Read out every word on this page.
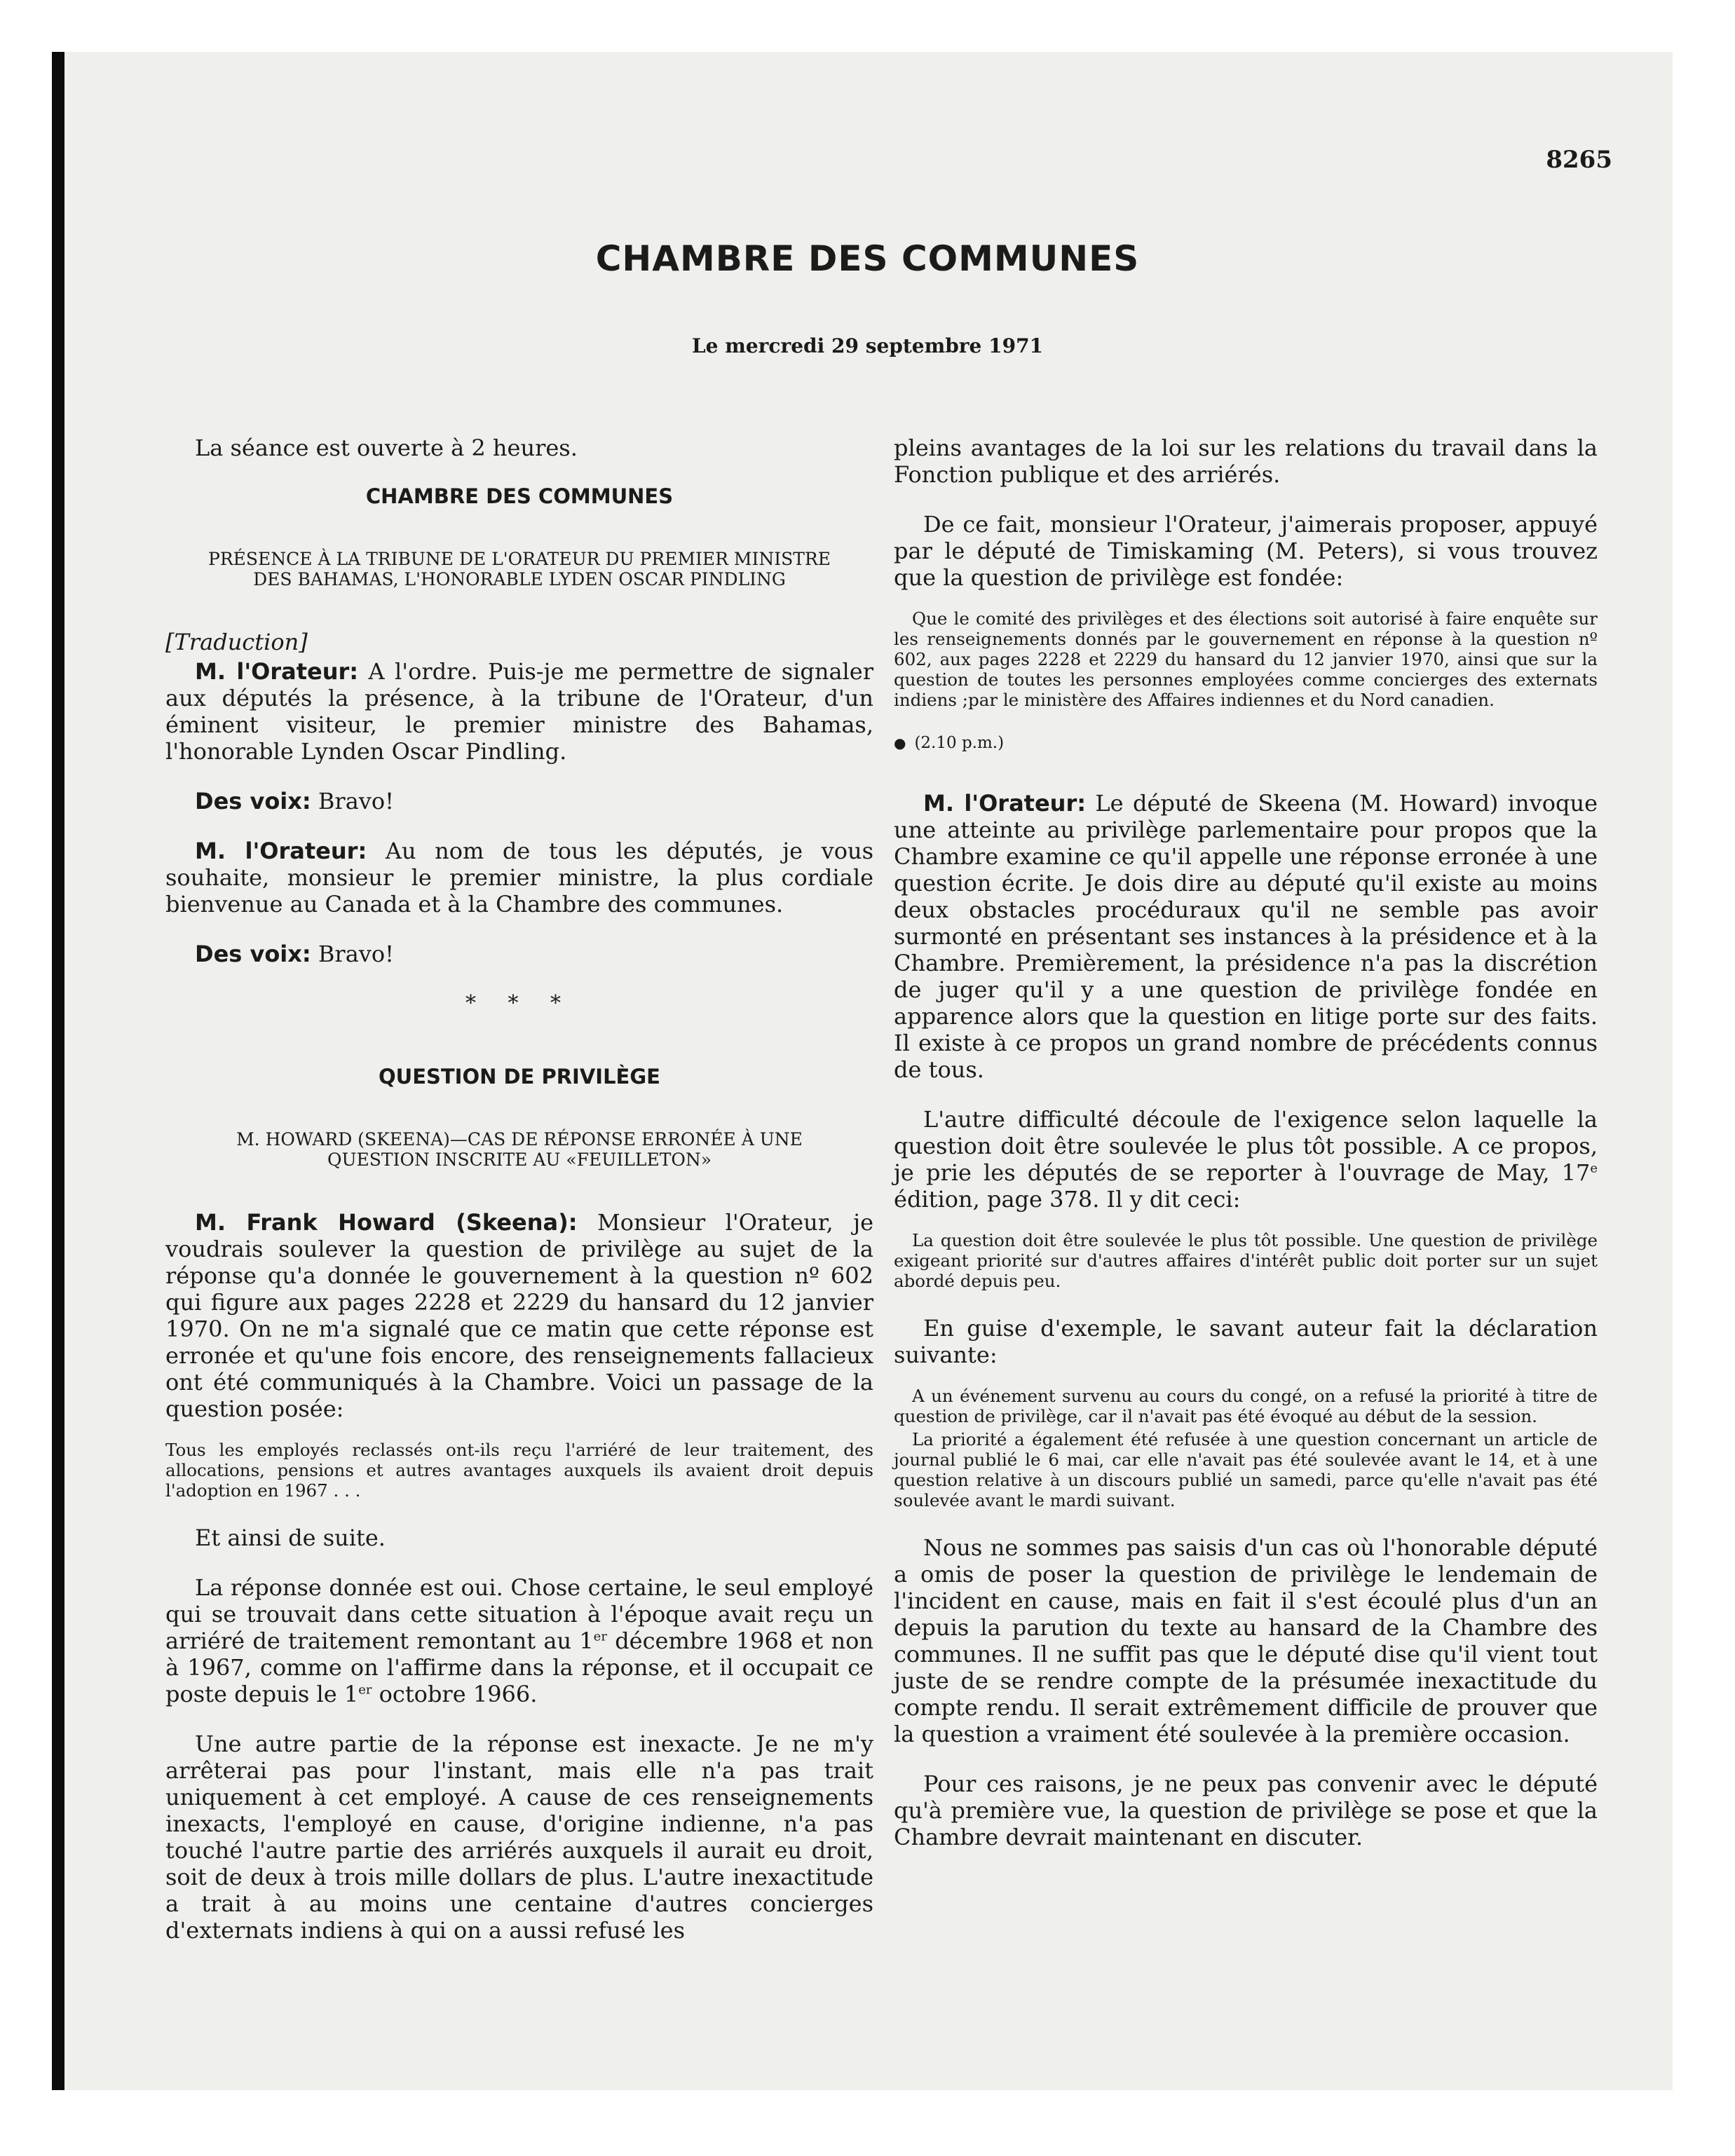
8265
CHAMBRE DES COMMUNES
Le mercredi 29 septembre 1971

La séance est ouverte à 2 heures.

CHAMBRE DES COMMUNES
PRÉSENCE À LA TRIBUNE DE L'ORATEUR DU PREMIER MINISTRE DES BAHAMAS, L'HONORABLE LYDEN OSCAR PINDLING

[Traduction]

M. l'Orateur: A l'ordre. Puis-je me permettre de signaler aux députés la présence, à la tribune de l'Orateur, d'un éminent visiteur, le premier ministre des Bahamas, l'honorable Lynden Oscar Pindling.

Des voix: Bravo!

M. l'Orateur: Au nom de tous les députés, je vous souhaite, monsieur le premier ministre, la plus cordiale bienvenue au Canada et à la Chambre des communes.

Des voix: Bravo!

* * *
QUESTION DE PRIVILÈGE
M. HOWARD (SKEENA)—CAS DE RÉPONSE ERRONÉE À UNE QUESTION INSCRITE AU «FEUILLETON»

M. Frank Howard (Skeena): Monsieur l'Orateur, je voudrais soulever la question de privilège au sujet de la réponse qu'a donnée le gouvernement à la question nº 602 qui figure aux pages 2228 et 2229 du hansard du 12 janvier 1970. On ne m'a signalé que ce matin que cette réponse est erronée et qu'une fois encore, des renseignements fallacieux ont été communiqués à la Chambre. Voici un passage de la question posée:

Tous les employés reclassés ont-ils reçu l'arriéré de leur traitement, des allocations, pensions et autres avantages auxquels ils avaient droit depuis l'adoption en 1967 . . .

Et ainsi de suite.

La réponse donnée est oui. Chose certaine, le seul employé qui se trouvait dans cette situation à l'époque avait reçu un arriéré de traitement remontant au 1er décembre 1968 et non à 1967, comme on l'affirme dans la réponse, et il occupait ce poste depuis le 1er octobre 1966.

Une autre partie de la réponse est inexacte. Je ne m'y arrêterai pas pour l'instant, mais elle n'a pas trait uniquement à cet employé. A cause de ces renseignements inexacts, l'employé en cause, d'origine indienne, n'a pas touché l'autre partie des arriérés auxquels il aurait eu droit, soit de deux à trois mille dollars de plus. L'autre inexactitude a trait à au moins une centaine d'autres concierges d'externats indiens à qui on a aussi refusé les

pleins avantages de la loi sur les relations du travail dans la Fonction publique et des arriérés.

De ce fait, monsieur l'Orateur, j'aimerais proposer, appuyé par le député de Timiskaming (M. Peters), si vous trouvez que la question de privilège est fondée:

Que le comité des privilèges et des élections soit autorisé à faire enquête sur les renseignements donnés par le gouvernement en réponse à la question nº 602, aux pages 2228 et 2229 du hansard du 12 janvier 1970, ainsi que sur la question de toutes les personnes employées comme concierges des externats indiens ;par le ministère des Affaires indiennes et du Nord canadien.

● (2.10 p.m.)

M. l'Orateur: Le député de Skeena (M. Howard) invoque une atteinte au privilège parlementaire pour propos que la Chambre examine ce qu'il appelle une réponse erronée à une question écrite. Je dois dire au député qu'il existe au moins deux obstacles procéduraux qu'il ne semble pas avoir surmonté en présentant ses instances à la présidence et à la Chambre. Premièrement, la présidence n'a pas la discrétion de juger qu'il y a une question de privilège fondée en apparence alors que la question en litige porte sur des faits. Il existe à ce propos un grand nombre de précédents connus de tous.

L'autre difficulté découle de l'exigence selon laquelle la question doit être soulevée le plus tôt possible. A ce propos, je prie les députés de se reporter à l'ouvrage de May, 17e édition, page 378. Il y dit ceci:

La question doit être soulevée le plus tôt possible. Une question de privilège exigeant priorité sur d'autres affaires d'intérêt public doit porter sur un sujet abordé depuis peu.

En guise d'exemple, le savant auteur fait la déclaration suivante:

A un événement survenu au cours du congé, on a refusé la priorité à titre de question de privilège, car il n'avait pas été évoqué au début de la session.

La priorité a également été refusée à une question concernant un article de journal publié le 6 mai, car elle n'avait pas été soulevée avant le 14, et à une question relative à un discours publié un samedi, parce qu'elle n'avait pas été soulevée avant le mardi suivant.

Nous ne sommes pas saisis d'un cas où l'honorable député a omis de poser la question de privilège le lendemain de l'incident en cause, mais en fait il s'est écoulé plus d'un an depuis la parution du texte au hansard de la Chambre des communes. Il ne suffit pas que le député dise qu'il vient tout juste de se rendre compte de la présumée inexactitude du compte rendu. Il serait extrêmement difficile de prouver que la question a vraiment été soulevée à la première occasion.

Pour ces raisons, je ne peux pas convenir avec le député qu'à première vue, la question de privilège se pose et que la Chambre devrait maintenant en discuter.
